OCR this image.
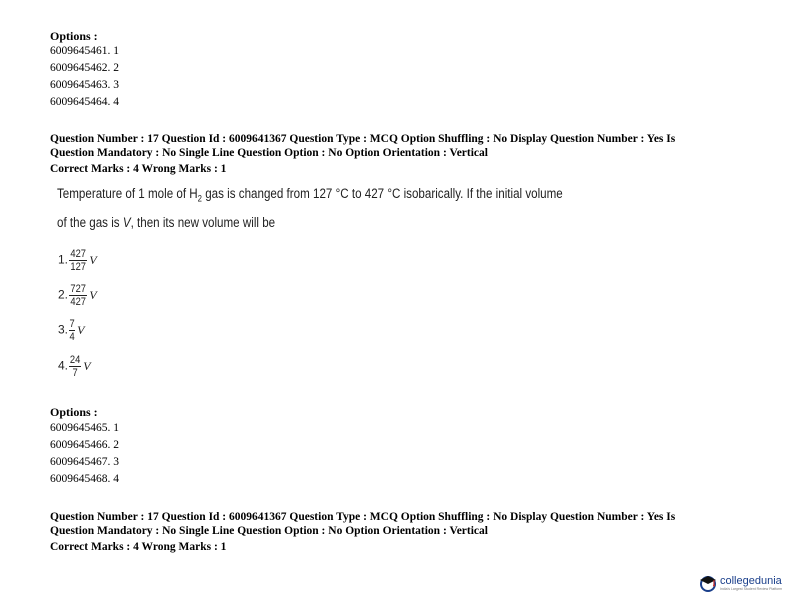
Options :
6009645461. 1
6009645462. 2
6009645463. 3
6009645464. 4
Question Number : 17 Question Id : 6009641367 Question Type : MCQ Option Shuffling : No Display Question Number : Yes Is
Question Mandatory : No Single Line Question Option : No Option Orientation : Vertical
Correct Marks : 4 Wrong Marks : 1
Temperature of 1 mole of $H_2$ gas is changed from 127 °C to 427 °C isobarically. If the initial volume
of the gas is V, then its new volume will be
1. $\frac{427}{127}$ V
2. $\frac{727}{427}$ V
3. $\frac{7}{4}$ V
4. $\frac{24}{7}$ V
Options :
6009645465. 1
6009645466. 2
6009645467. 3
6009645468. 4
Question Number : 17 Question Id : 6009641367 Question Type : MCQ Option Shuffling : No Display Question Number : Yes Is
Question Mandatory : No Single Line Question Option : No Option Orientation : Vertical
Correct Marks : 4 Wrong Marks : 1
collegedunia
India's Largest Student Review Platform
